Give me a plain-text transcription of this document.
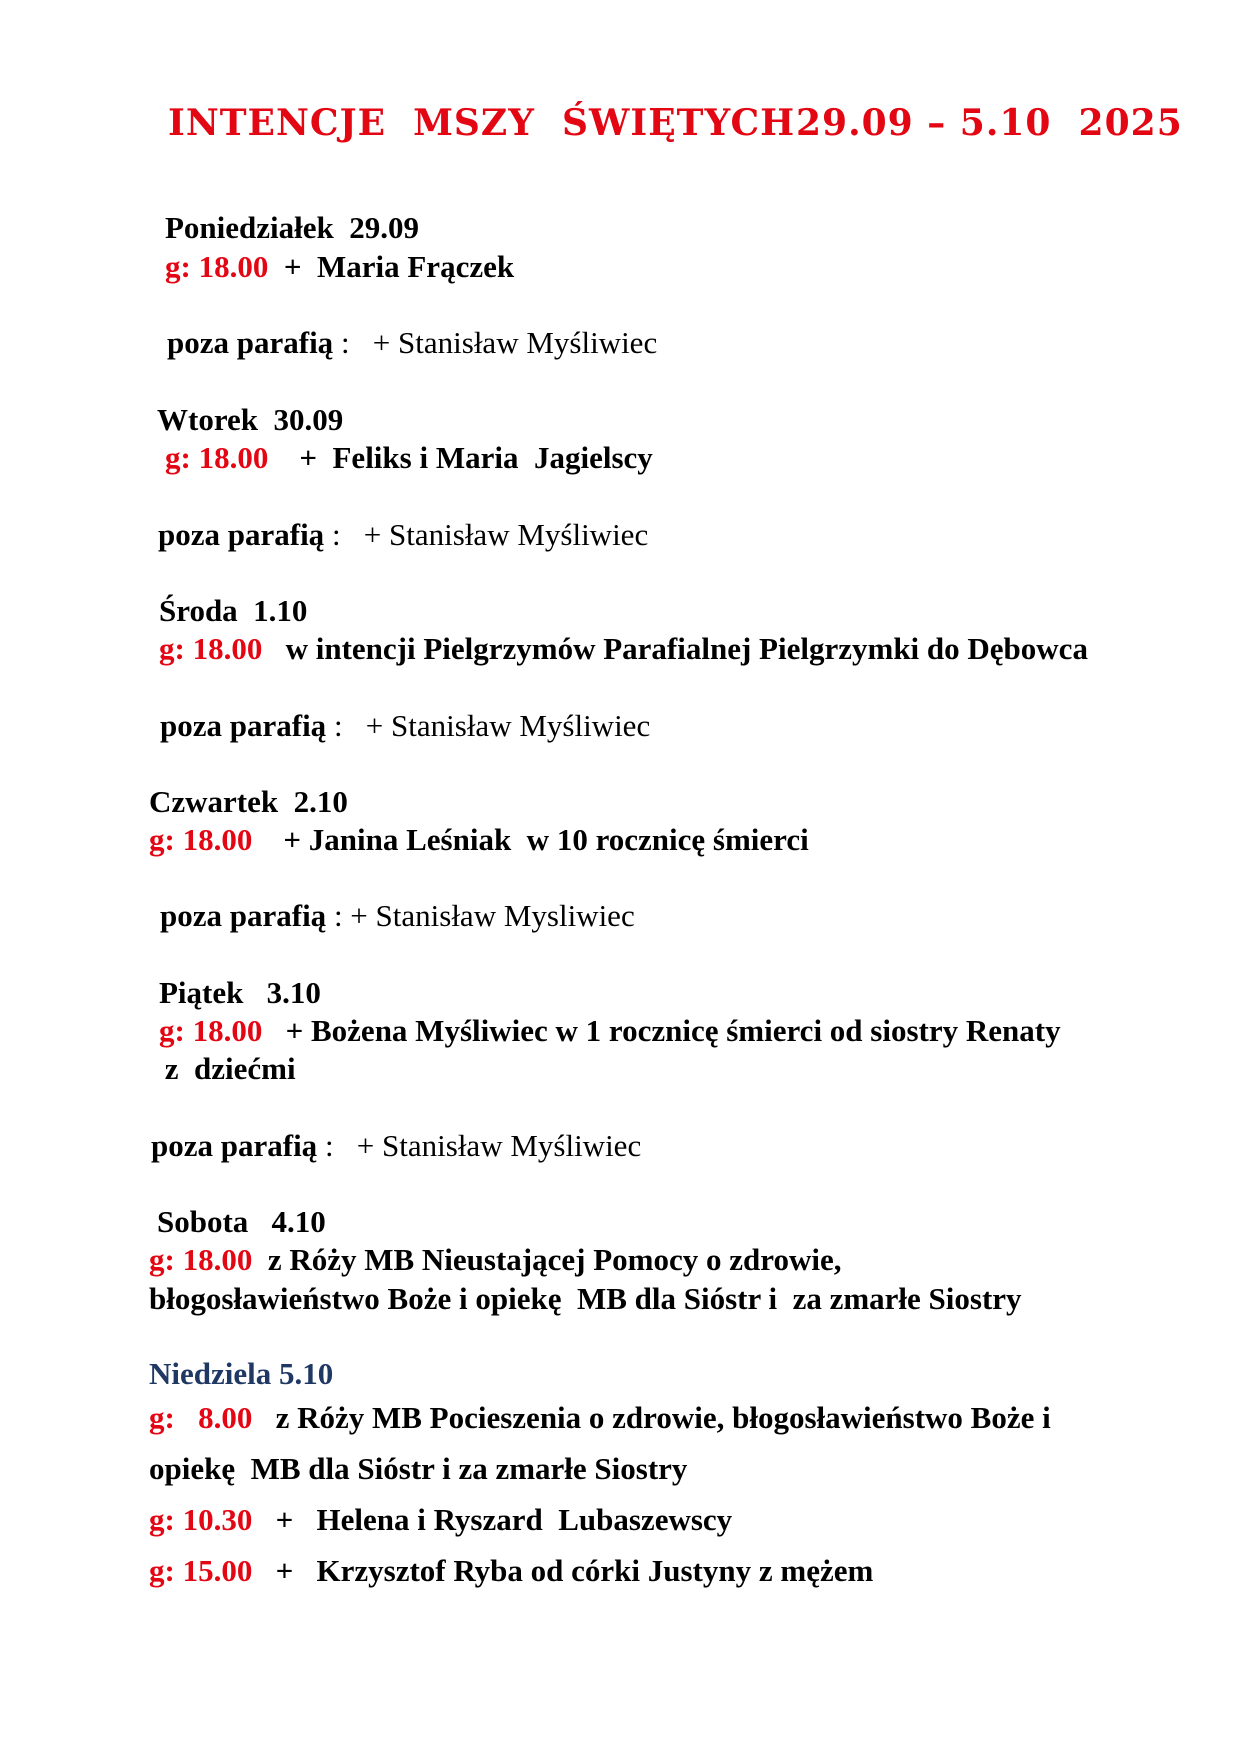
INTENCJE  MSZY  ŚWIĘTYCH 29.09 – 5.10  2025
Poniedziałek  29.09
g: 18.00  +  Maria Frączek
poza parafią :   + Stanisław Myśliwiec
Wtorek  30.09
g: 18.00    +  Feliks i Maria  Jagielscy
poza parafią :   + Stanisław Myśliwiec
Środa  1.10
g: 18.00   w intencji Pielgrzymów Parafialnej Pielgrzymki do Dębowca
poza parafią :   + Stanisław Myśliwiec
Czwartek  2.10
g: 18.00    + Janina Leśniak  w 10 rocznicę śmierci
poza parafią : + Stanisław Mysliwiec
Piątek   3.10
g: 18.00   + Bożena Myśliwiec w 1 rocznicę śmierci od siostry Renaty
z  dziećmi
poza parafią :   + Stanisław Myśliwiec
Sobota   4.10
g: 18.00  z Róży MB Nieustającej Pomocy o zdrowie,
błogosławieństwo Boże i opiekę  MB dla Sióstr i  za zmarłe Siostry
Niedziela 5.10
g:   8.00   z Róży MB Pocieszenia o zdrowie, błogosławieństwo Boże i
opiekę  MB dla Sióstr i za zmarłe Siostry
g: 10.30   +   Helena i Ryszard  Lubaszewscy
g: 15.00   +   Krzysztof Ryba od córki Justyny z mężem
